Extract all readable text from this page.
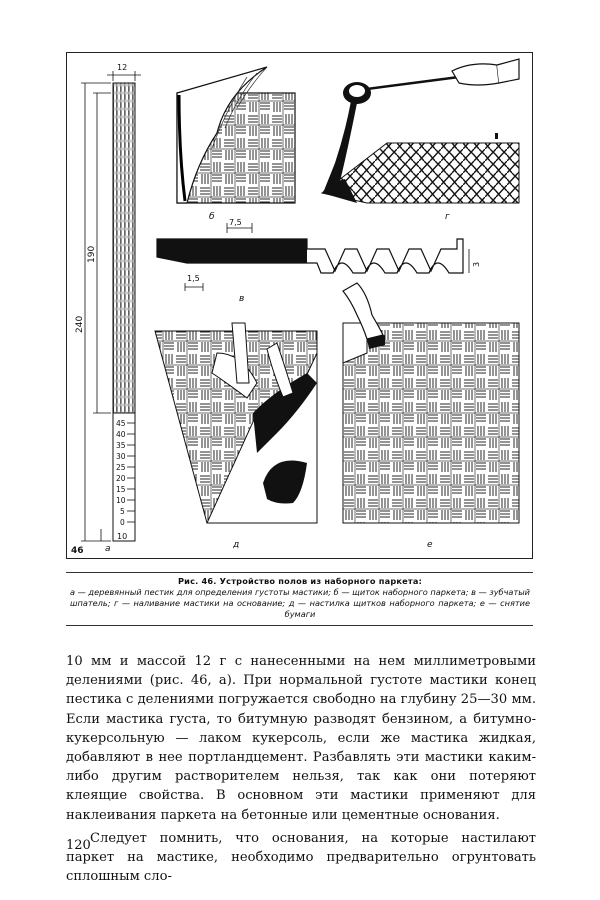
12
240
190
10
45
40
35
30
25
20
15
10
5
0
7,5
1,5
3
б	г
в
д	е
а
46
Рис. 46. Устройство полов из наборного паркета:
а — деревянный пестик для определения густоты мастики; б — щиток наборного паркета; в — зубчатый шпатель; г — наливание мастики на основание; д — настилка щитков наборного паркета; е — снятие бумаги

10 мм и массой 12 г с нанесенными на нем миллиметровыми делениями (рис. 46, а). При нормальной густоте мастики конец пестика с делениями погружается свободно на глубину 25—30 мм. Если мастика густа, то битумную разводят бензином, а битумно-кукерсольную — лаком кукерсоль, если же мастика жидкая, добавляют в нее портландцемент. Разбавлять эти мастики каким-либо другим растворителем нельзя, так как они потеряют клеящие свойства. В основном эти мастики применяют для наклеивания паркета на бетонные или цементные основания.

Следует помнить, что основания, на которые настилают паркет на мастике, необходимо предварительно огрунтовать сплошным сло-

120
